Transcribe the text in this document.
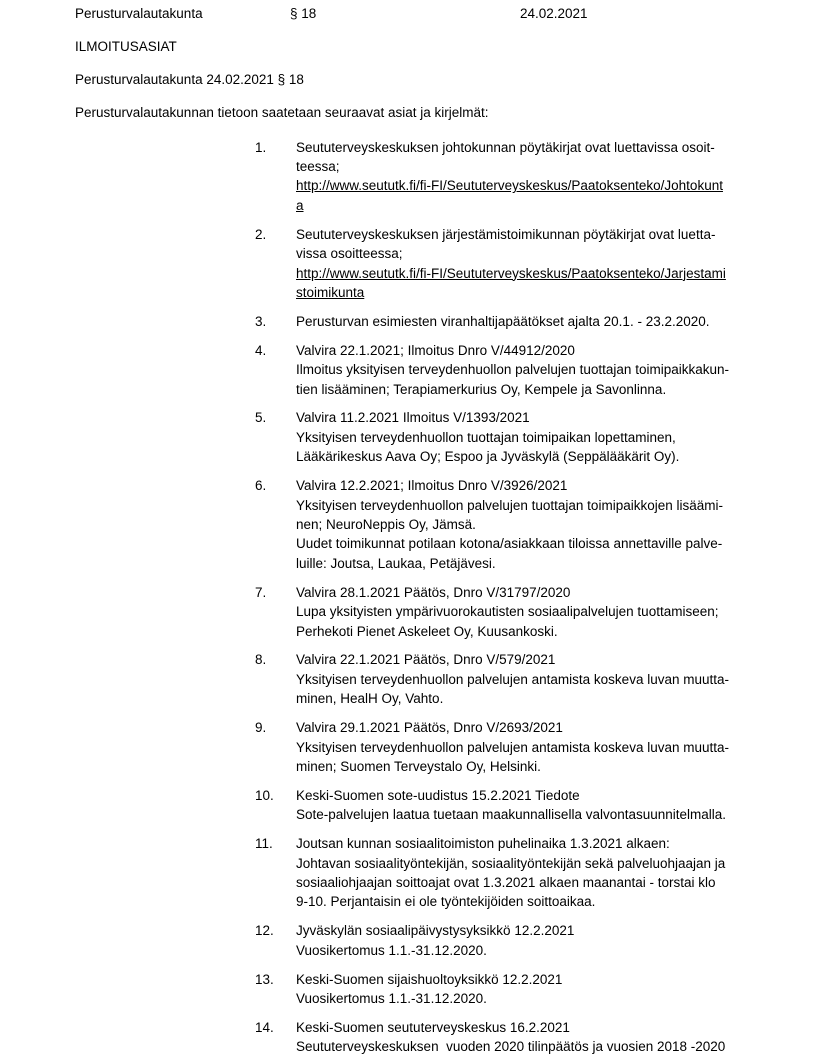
Perusturvalautakunta	§ 18	24.02.2021
ILMOITUSASIAT
Perusturvalautakunta 24.02.2021 § 18
Perusturvalautakunnan tietoon saatetaan seuraavat asiat ja kirjelmät:
1. Seututerveyskeskuksen johtokunnan pöytäkirjat ovat luettavissa osoit-
teessa;
http://www.seututk.fi/fi-FI/Seututerveyskeskus/Paatoksenteko/Johtokunt
a
2. Seututerveyskeskuksen järjestämistoimikunnan pöytäkirjat ovat luetta-
vissa osoitteessa;
http://www.seututk.fi/fi-FI/Seututerveyskeskus/Paatoksenteko/Jarjestami
stoimikunta
3. Perusturvan esimiesten viranhaltijapäätökset ajalta 20.1. - 23.2.2020.
4. Valvira 22.1.2021; Ilmoitus Dnro V/44912/2020
Ilmoitus yksityisen terveydenhuollon palvelujen tuottajan toimipaikkakun-
tien lisääminen; Terapiamerkurius Oy, Kempele ja Savonlinna.
5. Valvira 11.2.2021 Ilmoitus V/1393/2021
Yksityisen terveydenhuollon tuottajan toimipaikan lopettaminen,
Lääkärikeskus Aava Oy; Espoo ja Jyväskylä (Seppälääkärit Oy).
6. Valvira 12.2.2021; Ilmoitus Dnro V/3926/2021
Yksityisen terveydenhuollon palvelujen tuottajan toimipaikkojen lisäämi-
nen; NeuroNeppis Oy, Jämsä.
Uudet toimikunnat potilaan kotona/asiakkaan tiloissa annettaville palve-
luille: Joutsa, Laukaa, Petäjävesi.
7. Valvira 28.1.2021 Päätös, Dnro V/31797/2020
Lupa yksityisten ympärivuorokautisten sosiaalipalvelujen tuottamiseen;
Perhekoti Pienet Askeleet Oy, Kuusankoski.
8. Valvira 22.1.2021 Päätös, Dnro V/579/2021
Yksityisen terveydenhuollon palvelujen antamista koskeva luvan muutta-
minen, HealH Oy, Vahto.
9. Valvira 29.1.2021 Päätös, Dnro V/2693/2021
Yksityisen terveydenhuollon palvelujen antamista koskeva luvan muutta-
minen; Suomen Terveystalo Oy, Helsinki.
10. Keski-Suomen sote-uudistus 15.2.2021 Tiedote
Sote-palvelujen laatua tuetaan maakunnallisella valvontasuunnitelmalla.
11. Joutsan kunnan sosiaalitoimiston puhelinaika 1.3.2021 alkaen:
Johtavan sosiaalityöntekijän, sosiaalityöntekijän sekä palveluohjaajan ja
sosiaaliohjaajan soittoajat ovat 1.3.2021 alkaen maanantai - torstai klo
9-10. Perjantaisin ei ole työntekijöiden soittoaikaa.
12. Jyväskylän sosiaalipäivystysyksikkö 12.2.2021
Vuosikertomus 1.1.-31.12.2020.
13. Keski-Suomen sijaishuoltoyksikkö 12.2.2021
Vuosikertomus 1.1.-31.12.2020.
14. Keski-Suomen seututerveyskeskus 16.2.2021
Seututerveyskeskuksen  vuoden 2020 tilinpäätös ja vuosien 2018 -2020
